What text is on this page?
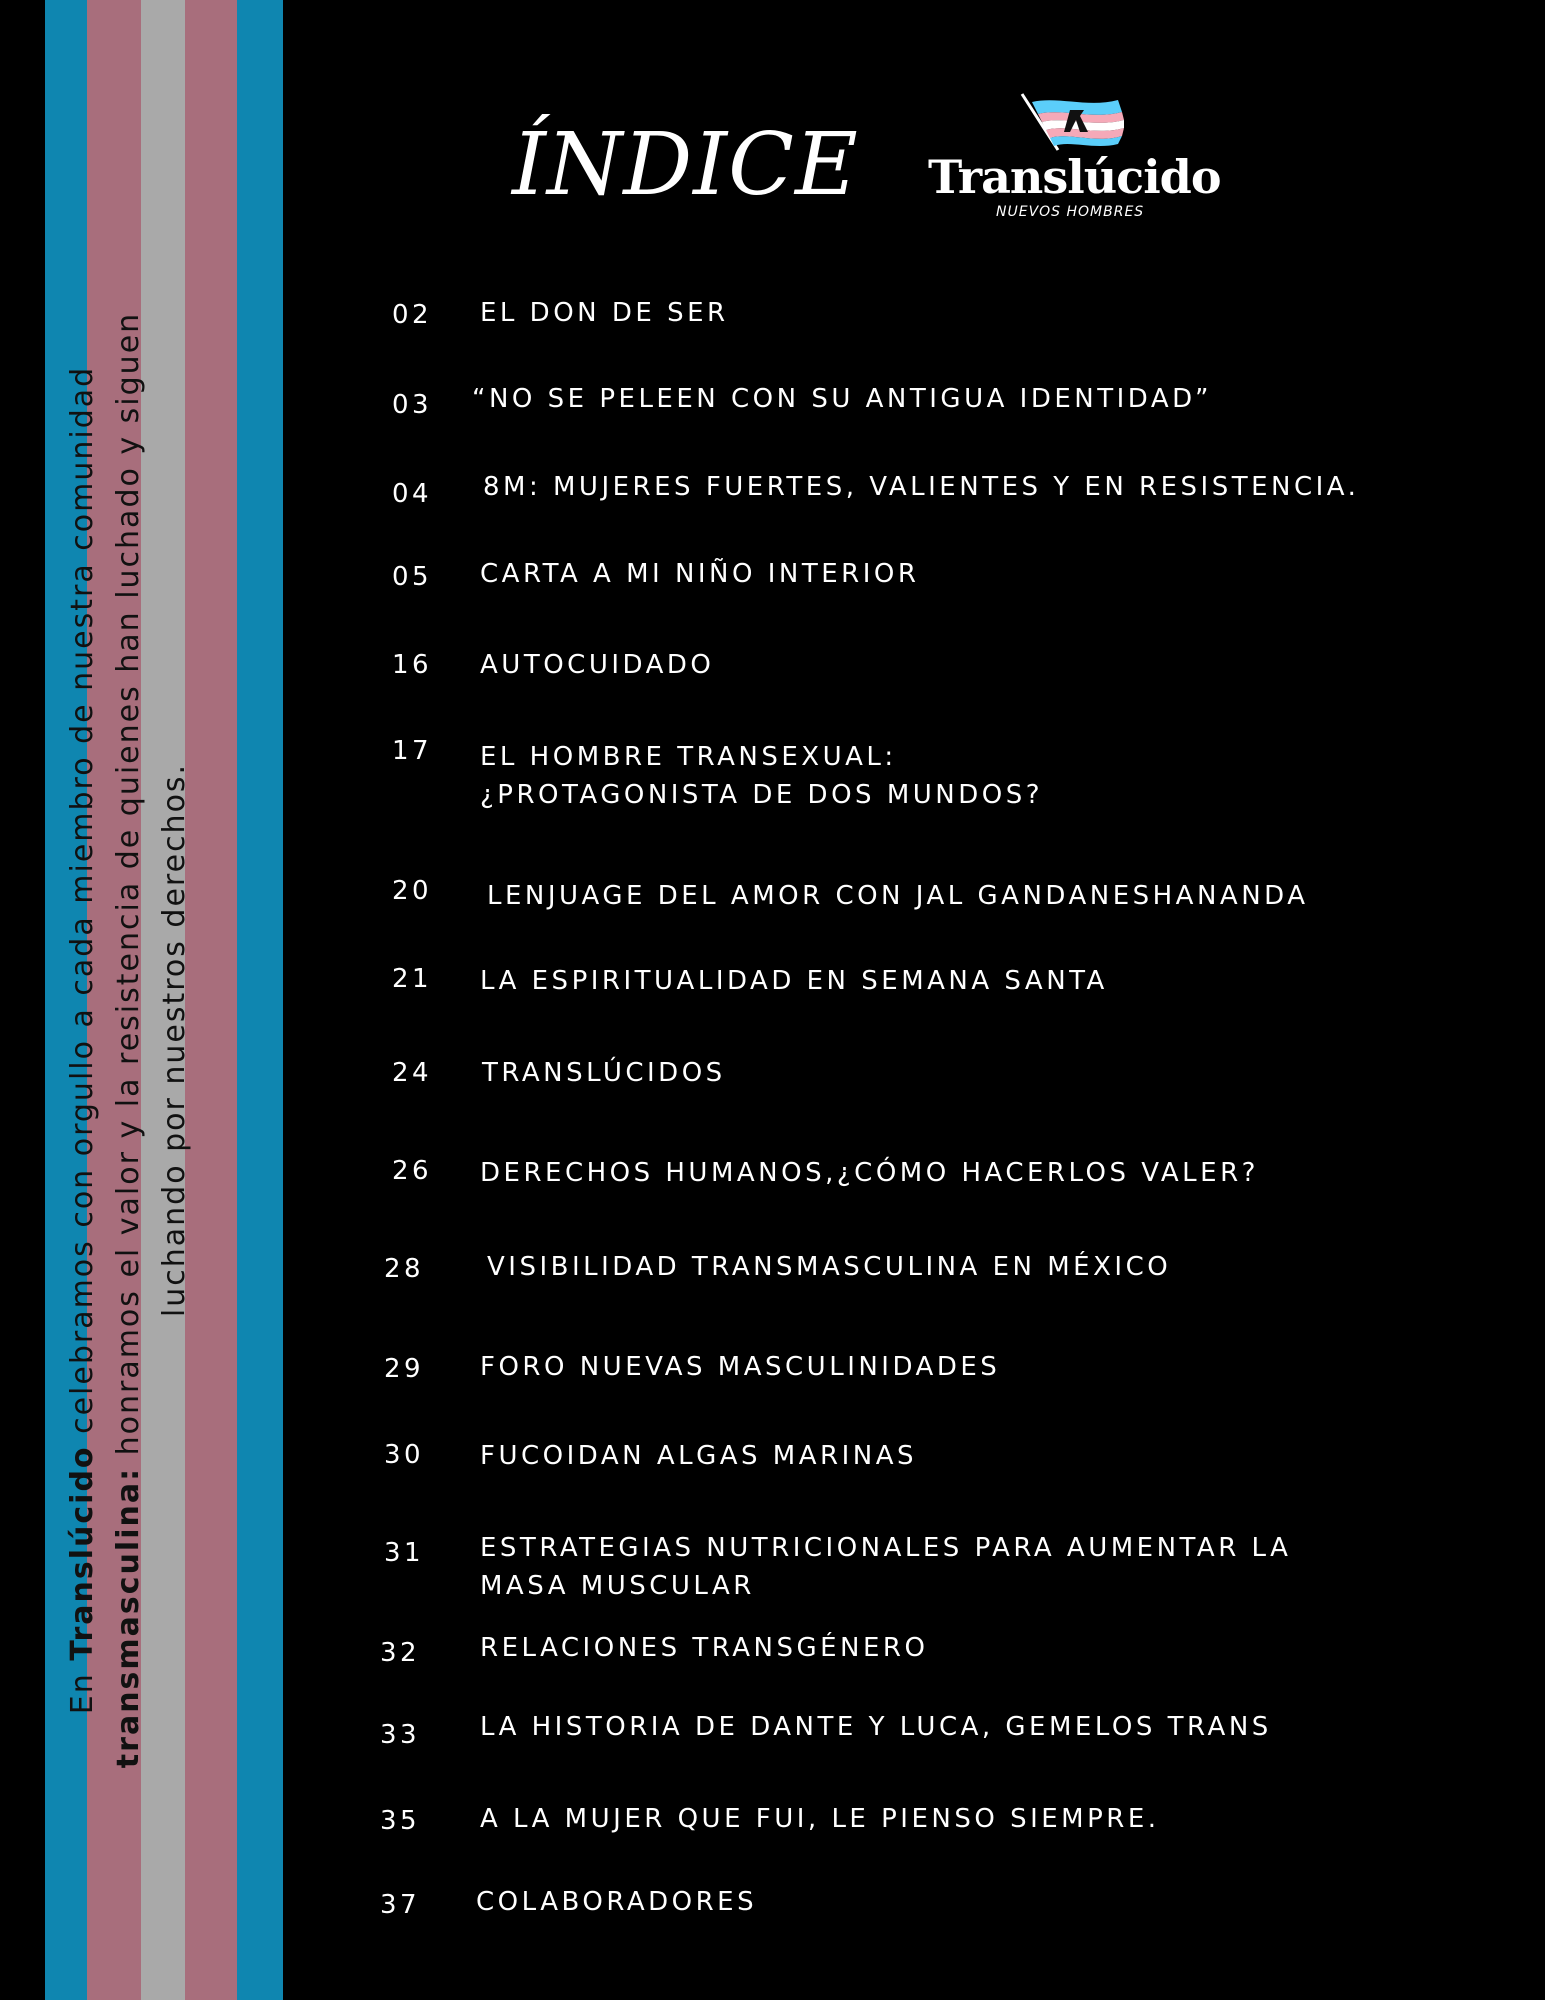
En Translúcido celebramos con orgullo a cada miembro de nuestra comunidad
transmasculina: honramos el valor y la resistencia de quienes han luchado y siguen luchando por nuestros derechos.
ÍNDICE Translúcido
NUEVOS HOMBRES
02 EL DON DE SER
03 “NO SE PELEEN CON SU ANTIGUA IDENTIDAD”
04 8M: MUJERES FUERTES, VALIENTES Y EN RESISTENCIA.
05 CARTA A MI NIÑO INTERIOR
16 AUTOCUIDADO
17 EL HOMBRE TRANSEXUAL:
¿PROTAGONISTA DE DOS MUNDOS?
20 LENJUAGE DEL AMOR CON JAL GANDANESHANANDA
21 LA ESPIRITUALIDAD EN SEMANA SANTA
24 TRANSLÚCIDOS
26 DERECHOS HUMANOS,¿CÓMO HACERLOS VALER?
28 VISIBILIDAD TRANSMASCULINA EN MÉXICO
29 FORO NUEVAS MASCULINIDADES
30 FUCOIDAN ALGAS MARINAS
31 ESTRATEGIAS NUTRICIONALES PARA AUMENTAR LA
MASA MUSCULAR
32 RELACIONES TRANSGÉNERO
33 LA HISTORIA DE DANTE Y LUCA, GEMELOS TRANS
35 A LA MUJER QUE FUI, LE PIENSO SIEMPRE.
37 COLABORADORES
